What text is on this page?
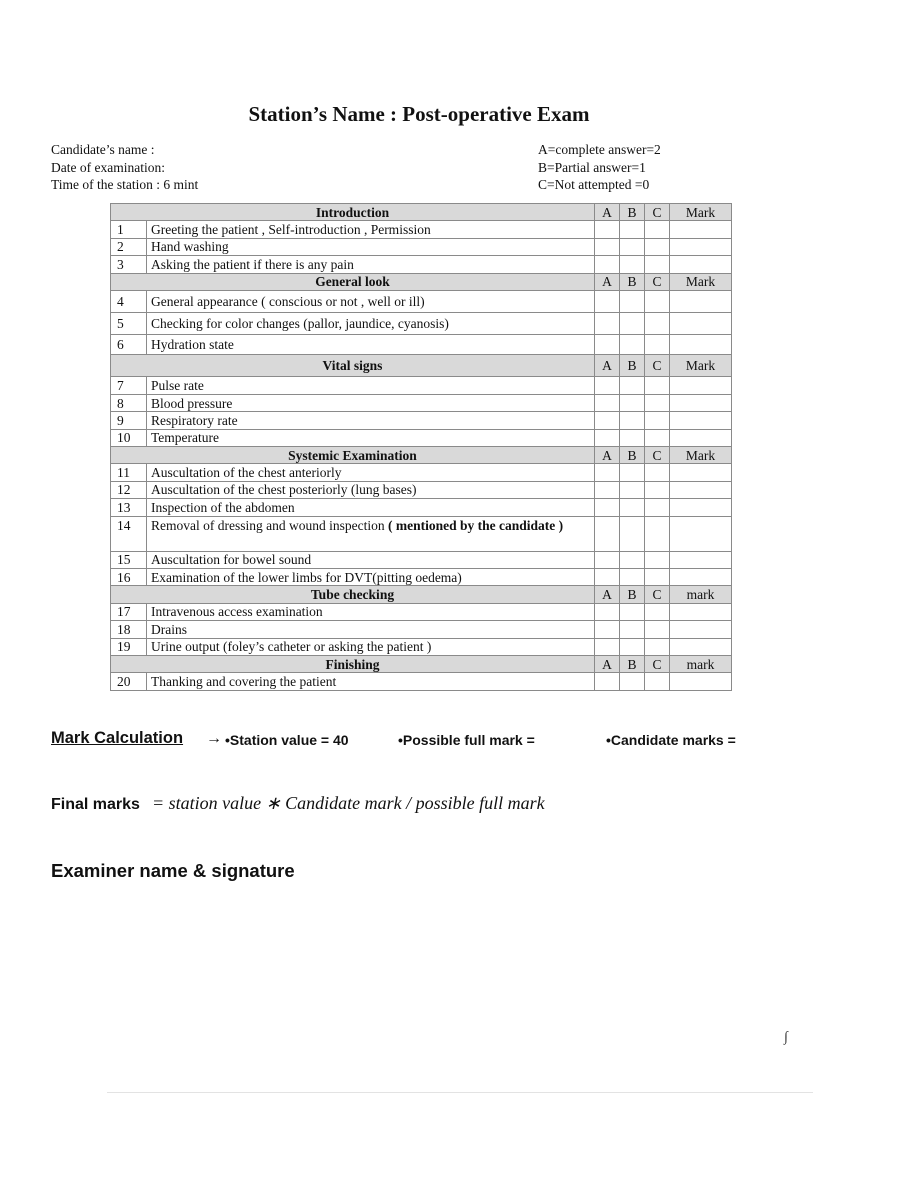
Station’s Name : Post-operative Exam
Candidate’s name :
Date of examination:
Time of the station : 6 mint
A=complete answer=2
B=Partial answer=1
C=Not attempted =0
Introduction		A	B	C	Mark
1	Greeting the patient , Self-introduction , Permission				
2	Hand washing				
3	Asking the patient if there is any pain				
General look		A	B	C	Mark
4	General appearance ( conscious or not , well or ill)				
5	Checking for color changes (pallor, jaundice, cyanosis)				
6	Hydration state				
Vital signs		A	B	C	Mark
7	Pulse rate				
8	Blood pressure				
9	Respiratory rate				
10	Temperature				
Systemic Examination		A	B	C	Mark
11	Auscultation of the chest anteriorly				
12	Auscultation of the chest posteriorly (lung bases)				
13	Inspection of the abdomen				
14	Removal of dressing and wound inspection ( mentioned by the candidate )				
15	Auscultation for bowel sound				
16	Examination of the lower limbs for DVT(pitting oedema)				
Tube checking		A	B	C	mark
17	Intravenous access examination				
18	Drains				
19	Urine output (foley’s catheter or asking the patient )				
Finishing		A	B	C	mark
20	Thanking and covering the patient				
Mark Calculation → •Station value = 40	•Possible full mark =	•Candidate marks =
Final marks = station value ∗ Candidate mark / possible full mark
Examiner name & signature
∫
